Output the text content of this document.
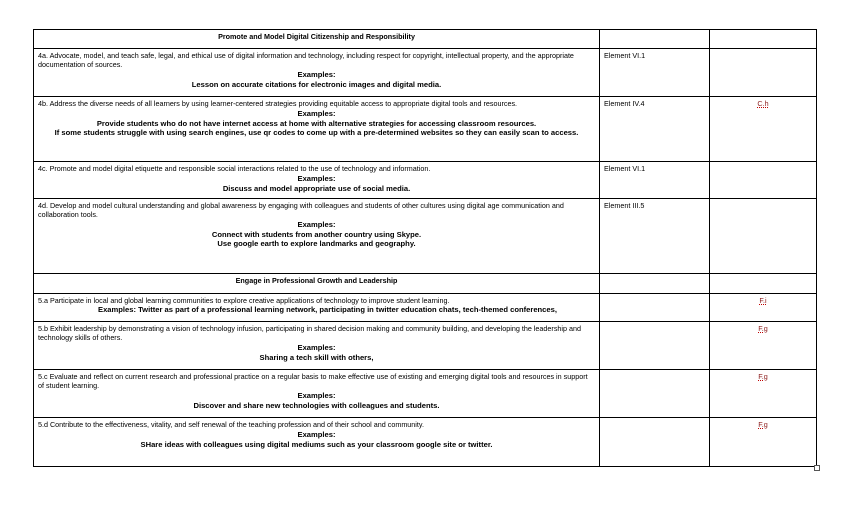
Promote and Model Digital Citizenship and Responsibility		

4a. Advocate, model, and teach safe, legal, and ethical use of digital information and technology, including respect for copyright, intellectual property, and the appropriate documentation of sources.
Examples:
Lesson on accurate citations for electronic images and digital media.	Element VI.1	

4b. Address the diverse needs of all learners by using learner-centered strategies providing equitable access to appropriate digital tools and resources.
Examples:
Provide students who do not have internet access at home with alternative strategies for accessing classroom resources.
If some students struggle with using search engines, use qr codes to come up with a pre-determined websites so they can easily scan to access.	Element IV.4	C.h

4c. Promote and model digital etiquette and responsible social interactions related to the use of technology and information.
Examples:
Discuss and model appropriate use of social media.	Element VI.1	

4d. Develop and model cultural understanding and global awareness by engaging with colleagues and students of other cultures using digital age communication and collaboration tools.
Examples:
Connect with students from another country using Skype.
Use google earth to explore landmarks and geography.	Element III.5	
Engage in Professional Growth and Leadership		

5.a Participate in local and global learning communities to explore creative applications of technology to improve student learning.
Examples: Twitter as part of a professional learning network, participating in twitter education chats, tech-themed conferences,		F.i

5.b Exhibit leadership by demonstrating a vision of technology infusion, participating in shared decision making and community building, and developing the leadership and technology skills of others.
Examples:
Sharing a tech skill with others,		F.g

5.c Evaluate and reflect on current research and professional practice on a regular basis to make effective use of existing and emerging digital tools and resources in support of student learning.
Examples:
Discover and share new technologies with colleagues and students.		F.g

5.d Contribute to the effectiveness, vitality, and self renewal of the teaching profession and of their school and community.
Examples:
SHare ideas with colleagues using digital mediums such as your classroom google site or twitter.		F.g
